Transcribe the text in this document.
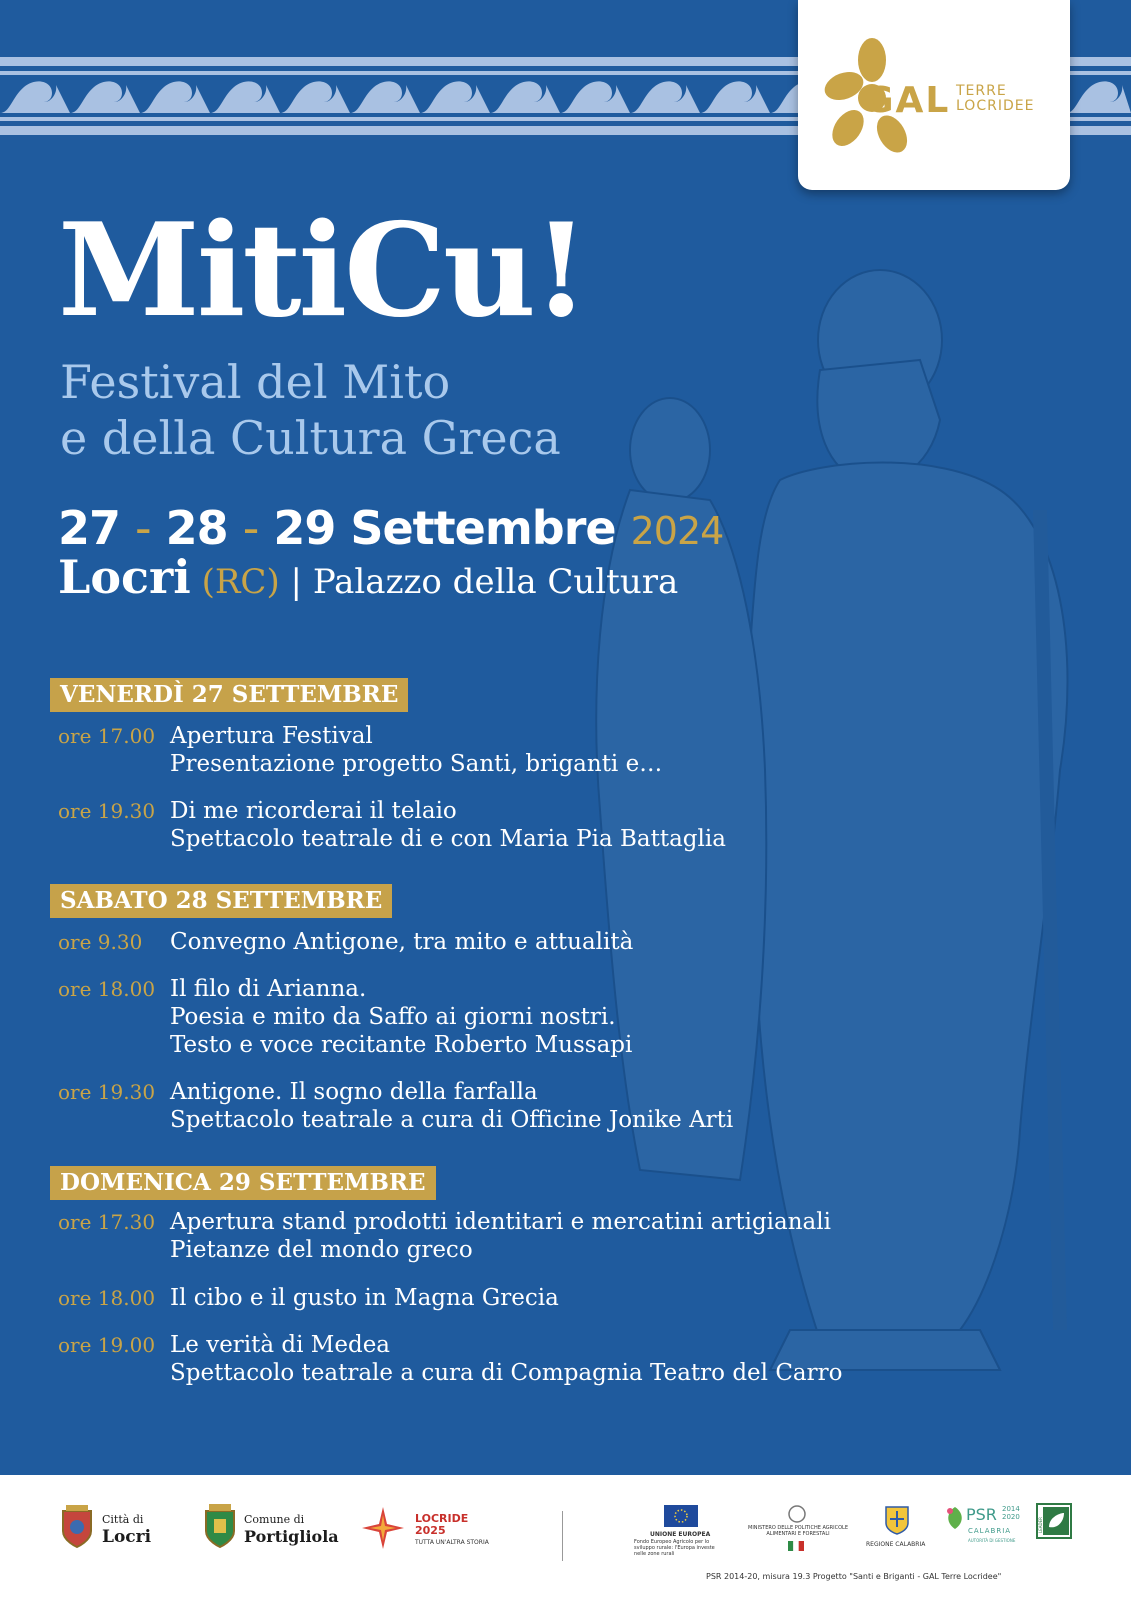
GAL TERRE
LOCRIDEE
MitiCu!
Festival del Mito
e della Cultura Greca
27 - 28 - 29 Settembre 2024
Locri (RC) | Palazzo della Cultura
VENERDÌ 27 SETTEMBRE
ore 17.00 Apertura Festival
Presentazione progetto Santi, briganti e…
ore 19.30 Di me ricorderai il telaio
Spettacolo teatrale di e con Maria Pia Battaglia
SABATO 28 SETTEMBRE
ore 9.30 Convegno Antigone, tra mito e attualità
ore 18.00 Il filo di Arianna.
Poesia e mito da Saffo ai giorni nostri.
Testo e voce recitante Roberto Mussapi
ore 19.30 Antigone. Il sogno della farfalla
Spettacolo teatrale a cura di Officine Jonike Arti
DOMENICA 29 SETTEMBRE
ore 17.30 Apertura stand prodotti identitari e mercatini artigianali
Pietanze del mondo greco
ore 18.00 Il cibo e il gusto in Magna Grecia
ore 19.00 Le verità di Medea
Spettacolo teatrale a cura di Compagnia Teatro del Carro
Città di
Locri
Comune di
Portigliola
LOCRIDE
2025
TUTTA UN'ALTRA STORIA
UNIONE EUROPEA
Fondo Europeo Agricolo per lo sviluppo rurale: l'Europa investe nelle zone rurali
MINISTERO DELLE POLITICHE AGRICOLE ALIMENTARI E FORESTALI
REGIONE CALABRIA
PSR 2014
2020
CALABRIA
AUTORITÀ DI GESTIONE
LEADER
PSR 2014-20, misura 19.3 Progetto "Santi e Briganti - GAL Terre Locridee"
